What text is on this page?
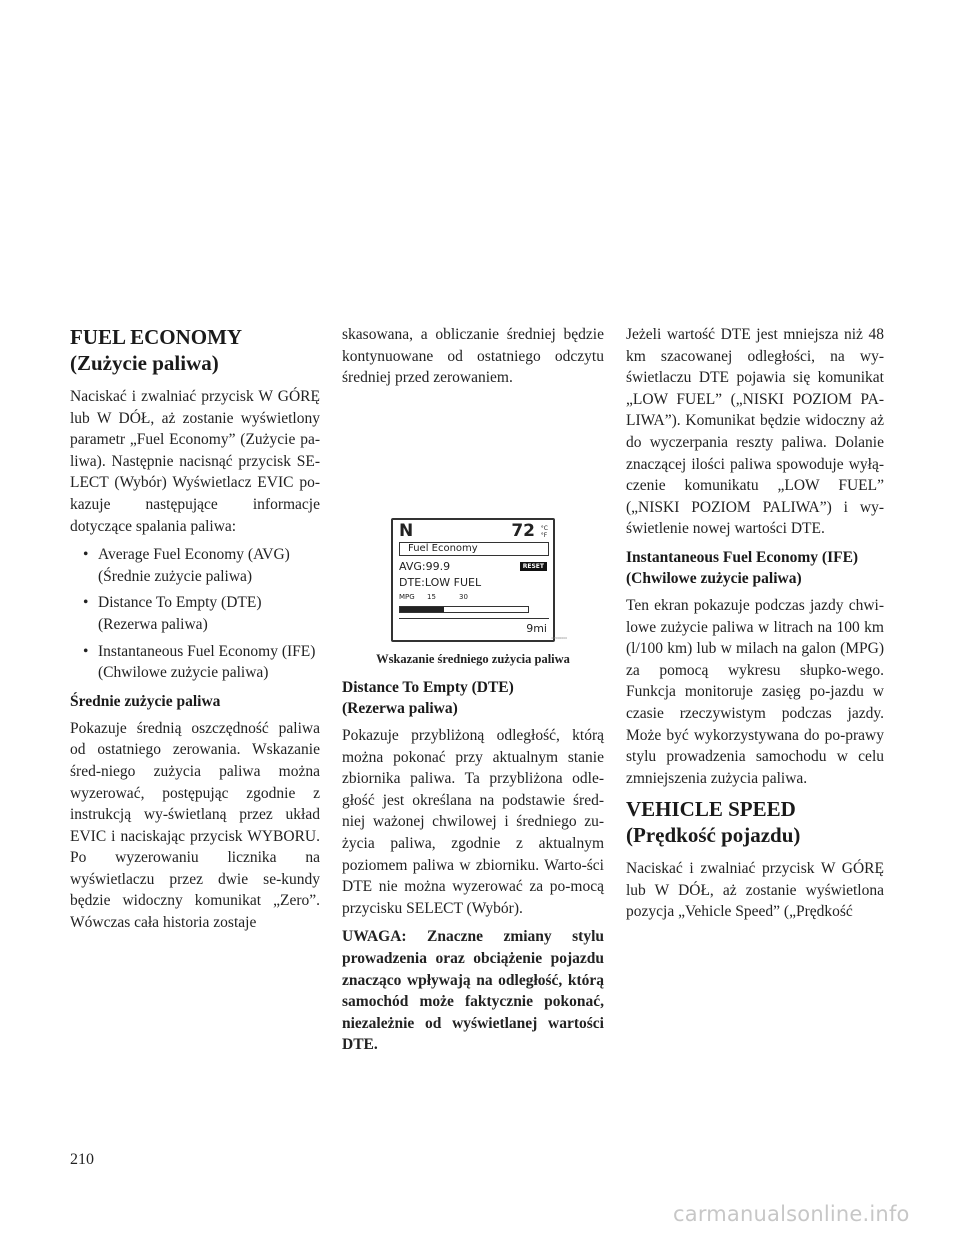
FUEL ECONOMY
(Zużycie paliwa)

Naciskać i zwalniać przycisk W GÓRĘ lub W DÓŁ, aż zostanie wyświetlony parametr „Fuel Economy” (Zużycie pa-liwa). Następnie nacisnąć przycisk SE-LECT (Wybór) Wyświetlacz EVIC po-kazuje następujące informacje dotyczące spalania paliwa:

• Average Fuel Economy (AVG) (Średnie zużycie paliwa)
• Distance To Empty (DTE) (Rezerwa paliwa)
• Instantaneous Fuel Economy (IFE) (Chwilowe zużycie paliwa)
Średnie zużycie paliwa

Pokazuje średnią oszczędność paliwa od ostatniego zerowania. Wskazanie śred-niego zużycia paliwa można wyzerować, postępując zgodnie z instrukcją wy-świetlaną przez układ EVIC i naciskając przycisk WYBORU. Po wyzerowaniu licznika na wyświetlaczu przez dwie se-kundy będzie widoczny komunikat „Zero”. Wówczas cała historia zostaje

N	72 °C
°F
Fuel Economy
AVG:99.9	RESET
DTE:LOW FUEL
MPG 15	30
9mi
GT000000
Wskazanie średniego zużycia paliwa
Distance To Empty (DTE)
(Rezerwa paliwa)

Pokazuje przybliżoną odległość, którą można pokonać przy aktualnym stanie zbiornika paliwa. Ta przybliżona odle-głość jest określana na podstawie śred-niej ważonej chwilowej i średniego zu-życia paliwa, zgodnie z aktualnym poziomem paliwa w zbiorniku. Warto-ści DTE nie można wyzerować za po-mocą przycisku SELECT (Wybór).

UWAGA: Znaczne zmiany stylu prowadzenia oraz obciążenie pojazdu znacząco wpływają na odległość, którą samochód może faktycznie pokonać, niezależnie od wyświetlanej wartości DTE.

skasowana, a obliczanie średniej będzie kontynuowane od ostatniego odczytu średniej przed zerowaniem.

Jeżeli wartość DTE jest mniejsza niż 48 km szacowanej odległości, na wy-świetlaczu DTE pojawia się komunikat „LOW FUEL” („NISKI POZIOM PA-LIWA”). Komunikat będzie widoczny aż do wyczerpania reszty paliwa. Dolanie znaczącej ilości paliwa spowoduje wyłą-czenie komunikatu „LOW FUEL” („NISKI POZIOM PALIWA”) i wy-świetlenie nowej wartości DTE.

Instantaneous Fuel Economy (IFE)
(Chwilowe zużycie paliwa)

Ten ekran pokazuje podczas jazdy chwi-lowe zużycie paliwa w litrach na 100 km (l/100 km) lub w milach na galon (MPG) za pomocą wykresu słupko-wego. Funkcja monitoruje zasięg po-jazdu w czasie rzeczywistym podczas jazdy. Może być wykorzystywana do po-prawy stylu prowadzenia samochodu w celu zmniejszenia zużycia paliwa.

VEHICLE SPEED
(Prędkość pojazdu)

Naciskać i zwalniać przycisk W GÓRĘ lub W DÓŁ, aż zostanie wyświetlona pozycja „Vehicle Speed” („Prędkość

210
carmanualsonline.info
